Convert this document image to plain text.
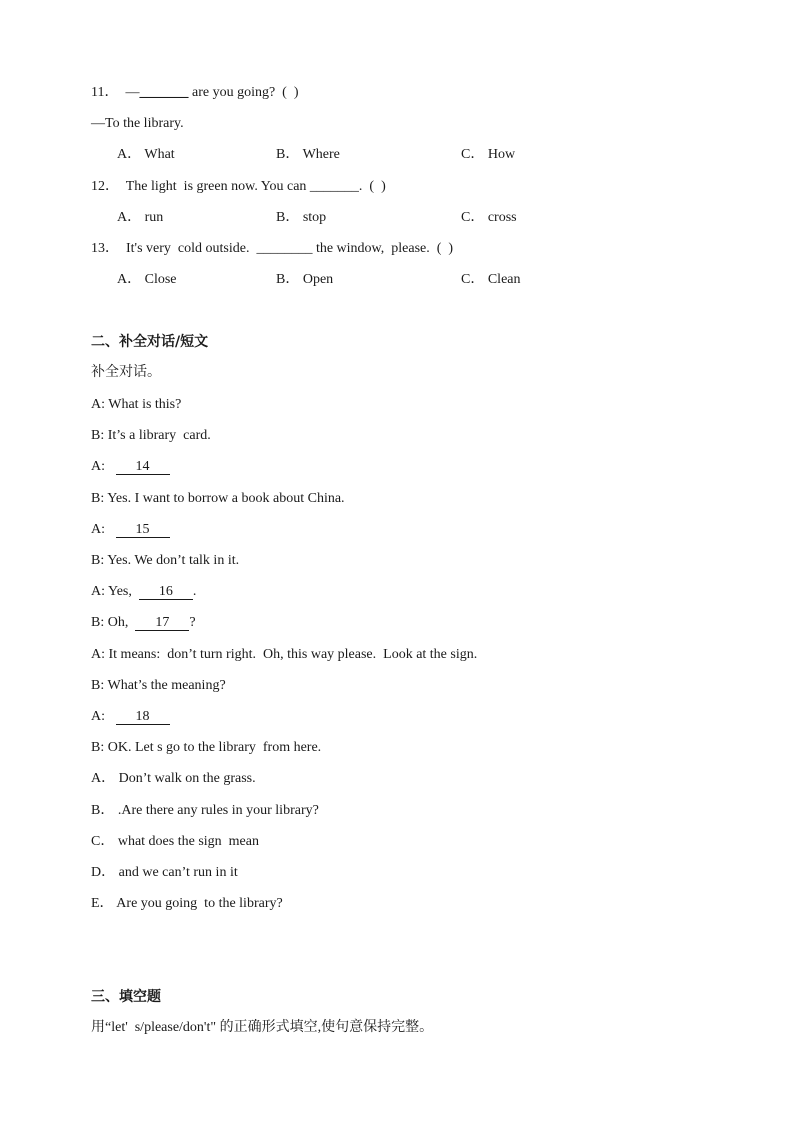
11． —_______ are you going?  (  )
—To the library.
A． What	B． Where	C． How
12． The light  is green now. You can _______.  (  )
A． run	B． stop	C． cross
13． It's very  cold outside.  ________ the window,  please.  (  )
A． Close	B． Open	C． Clean
二、补全对话/短文
补全对话。
A: What is this?
B: It’s a library  card.
A: 14
B: Yes. I want to borrow a book about China.
A: 15
B: Yes. We don’t talk in it.
A: Yes, 16 .
B: Oh, 17 ?
A: It means:  don’t turn right.  Oh, this way please.  Look at the sign.
B: What’s the meaning?
A: 18
B: OK. Let s go to the library  from here.
A． Don’t walk on the grass.
B． .Are there any rules in your library?
C． what does the sign  mean
D． and we can’t run in it
E． Are you going  to the library?
三、填空题
用“let'  s/please/don't" 的正确形式填空,使句意保持完整。
